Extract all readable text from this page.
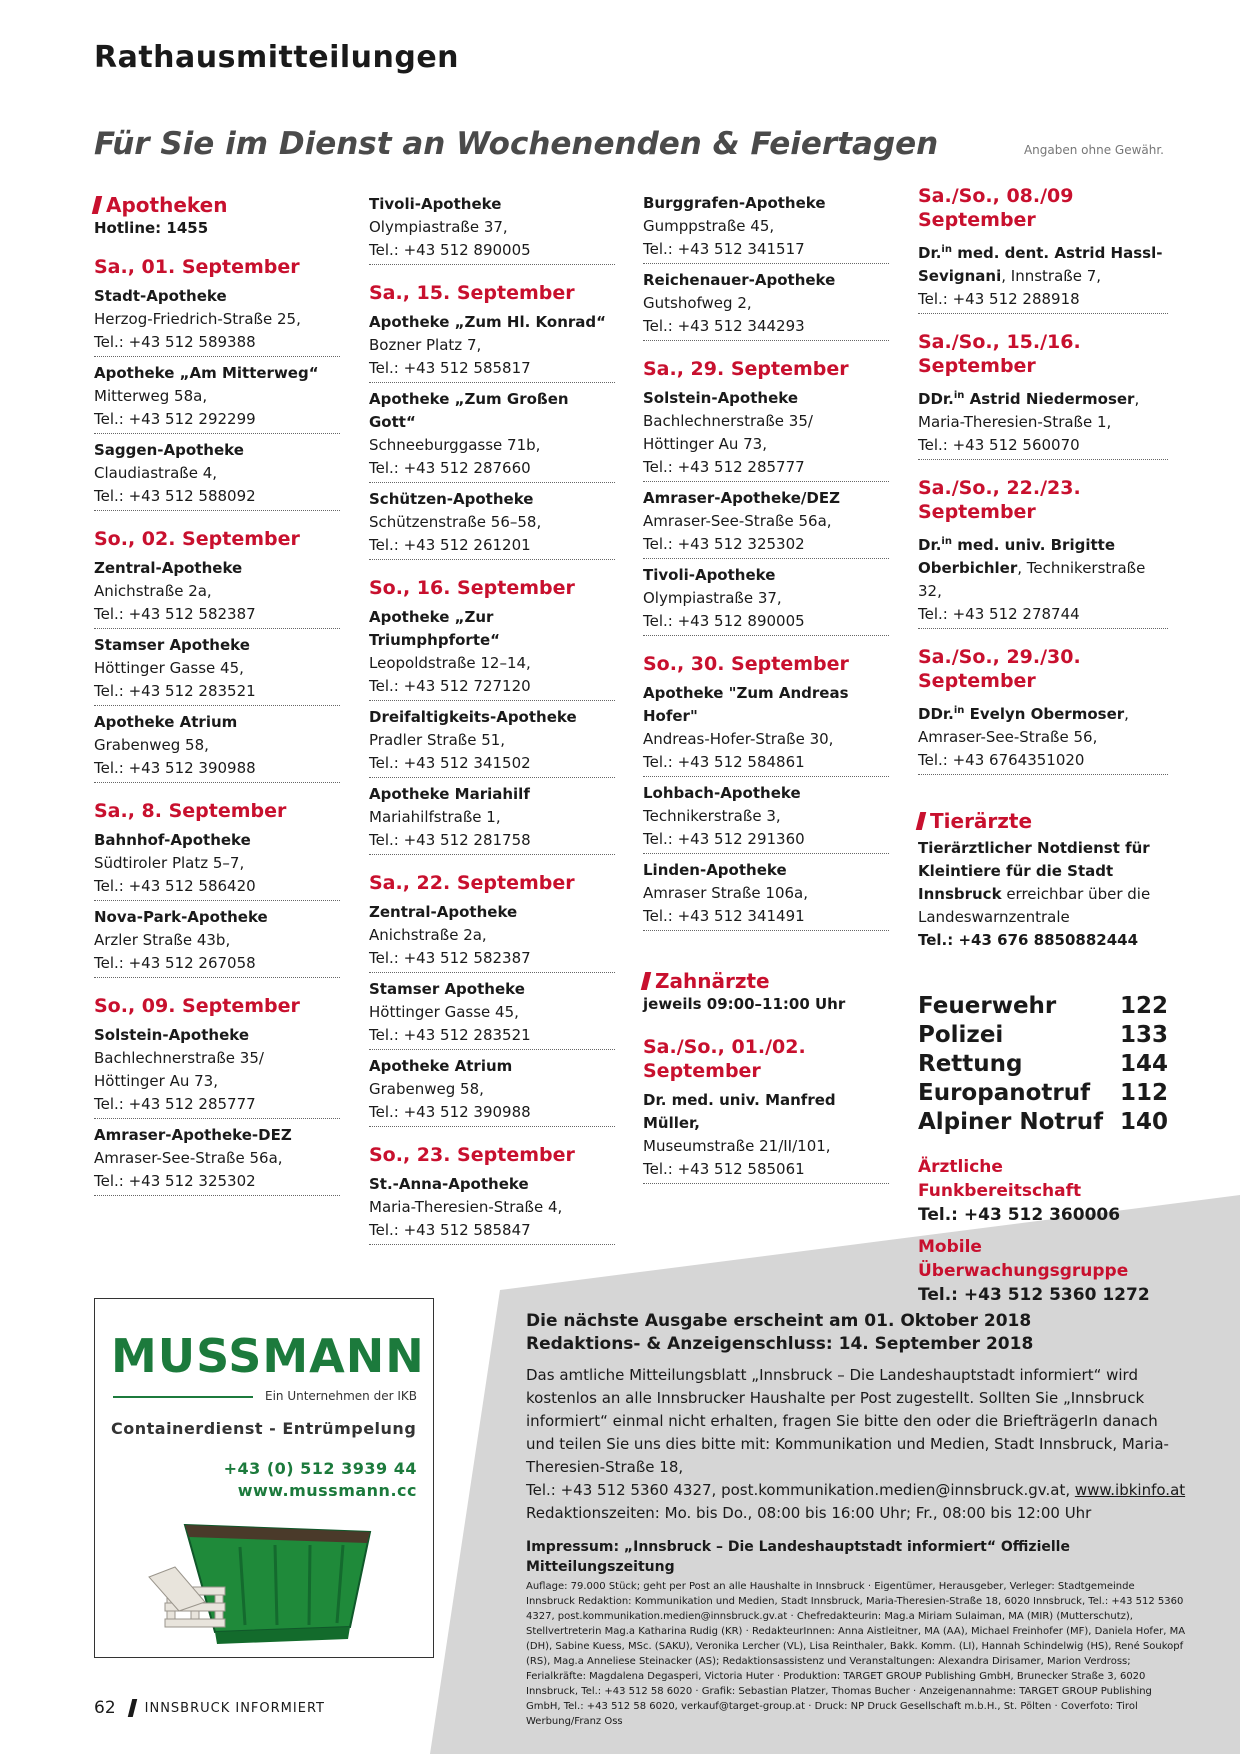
Rathausmitteilungen
Für Sie im Dienst an Wochenenden & Feiertagen	Angaben ohne Gewähr.
Apotheken
Hotline: 1455
Sa., 01. September
Stadt-Apotheke
Herzog-Friedrich-Straße 25,
Tel.: +43 512 589388
Apotheke „Am Mitterweg“
Mitterweg 58a,
Tel.: +43 512 292299
Saggen-Apotheke
Claudiastraße 4,
Tel.: +43 512 588092
So., 02. September
Zentral-Apotheke
Anichstraße 2a,
Tel.: +43 512 582387
Stamser Apotheke
Höttinger Gasse 45,
Tel.: +43 512 283521
Apotheke Atrium
Grabenweg 58,
Tel.: +43 512 390988
Sa., 8. September
Bahnhof-Apotheke
Südtiroler Platz 5–7,
Tel.: +43 512 586420
Nova-Park-Apotheke
Arzler Straße 43b,
Tel.: +43 512 267058
So., 09. September
Solstein-Apotheke
Bachlechnerstraße 35/
Höttinger Au 73,
Tel.: +43 512 285777
Amraser-Apotheke-DEZ
Amraser-See-Straße 56a,
Tel.: +43 512 325302
Tivoli-Apotheke
Olympiastraße 37,
Tel.: +43 512 890005
Sa., 15. September
Apotheke „Zum Hl. Konrad“
Bozner Platz 7,
Tel.: +43 512 585817
Apotheke „Zum Großen Gott“
Schneeburggasse 71b,
Tel.: +43 512 287660
Schützen-Apotheke
Schützenstraße 56–58,
Tel.: +43 512 261201
So., 16. September
Apotheke „Zur Triumphpforte“
Leopoldstraße 12–14,
Tel.: +43 512 727120
Dreifaltigkeits-Apotheke
Pradler Straße 51,
Tel.: +43 512 341502
Apotheke Mariahilf
Mariahilfstraße 1,
Tel.: +43 512 281758
Sa., 22. September
Zentral-Apotheke
Anichstraße 2a,
Tel.: +43 512 582387
Stamser Apotheke
Höttinger Gasse 45,
Tel.: +43 512 283521
Apotheke Atrium
Grabenweg 58,
Tel.: +43 512 390988
So., 23. September
St.-Anna-Apotheke
Maria-Theresien-Straße 4,
Tel.: +43 512 585847
Burggrafen-Apotheke
Gumppstraße 45,
Tel.: +43 512 341517
Reichenauer-Apotheke
Gutshofweg 2,
Tel.: +43 512 344293
Sa., 29. September
Solstein-Apotheke
Bachlechnerstraße 35/
Höttinger Au 73,
Tel.: +43 512 285777
Amraser-Apotheke/DEZ
Amraser-See-Straße 56a,
Tel.: +43 512 325302
Tivoli-Apotheke
Olympiastraße 37,
Tel.: +43 512 890005
So., 30. September
Apotheke "Zum Andreas Hofer"
Andreas-Hofer-Straße 30,
Tel.: +43 512 584861
Lohbach-Apotheke
Technikerstraße 3,
Tel.: +43 512 291360
Linden-Apotheke
Amraser Straße 106a,
Tel.: +43 512 341491
Zahnärzte
jeweils 09:00–11:00 Uhr
Sa./So., 01./02. September
Dr. med. univ. Manfred Müller,
Museumstraße 21/II/101,
Tel.: +43 512 585061
Sa./So., 08./09 September
Dr.$^{in}$ med. dent. Astrid Hassl-Sevignani, Innstraße 7,
Tel.: +43 512 288918
Sa./So., 15./16. September
DDr.$^{in}$ Astrid Niedermoser,
Maria-Theresien-Straße 1,
Tel.: +43 512 560070
Sa./So., 22./23. September
Dr.$^{in}$ med. univ. Brigitte Oberbichler, Technikerstraße 32,
Tel.: +43 512 278744
Sa./So., 29./30. September
DDr.$^{in}$ Evelyn Obermoser,
Amraser-See-Straße 56,
Tel.: +43 6764351020
Tierärzte
Tierärztlicher Notdienst für Kleintiere für die Stadt Innsbruck erreichbar über die Landeswarnzentrale
Tel.: +43 676 8850882444
Feuerwehr	122
Polizei	133
Rettung	144
Europanotruf 112
Alpiner Notruf 140
Ärztliche Funkbereitschaft
Tel.: +43 512 360006
Mobile Überwachungsgruppe
Tel.: +43 512 5360 1272
MUSSMANN
Ein Unternehmen der IKB
Containerdienst - Entrümpelung
+43 (0) 512 3939 44
www.mussmann.cc
Die nächste Ausgabe erscheint am 01. Oktober 2018
Redaktions- & Anzeigenschluss: 14. September 2018
Das amtliche Mitteilungsblatt „Innsbruck – Die Landeshauptstadt informiert“ wird kostenlos an alle Innsbrucker Haushalte per Post zugestellt. Sollten Sie „Innsbruck informiert“ einmal nicht erhalten, fragen Sie bitte den oder die BriefträgerIn danach und teilen Sie uns dies bitte mit: Kommunikation und Medien, Stadt Innsbruck, Maria-Theresien-Straße 18,
Tel.: +43 512 5360 4327, post.kommunikation.medien@innsbruck.gv.at, www.ibkinfo.at
Redaktionszeiten: Mo. bis Do., 08:00 bis 16:00 Uhr; Fr., 08:00 bis 12:00 Uhr
Impressum: „Innsbruck – Die Landeshauptstadt informiert“ Offizielle Mitteilungszeitung
Auflage: 79.000 Stück; geht per Post an alle Haushalte in Innsbruck · Eigentümer, Herausgeber, Verleger: Stadtgemeinde Innsbruck Redaktion: Kommunikation und Medien, Stadt Innsbruck, Maria-Theresien-Straße 18, 6020 Innsbruck, Tel.: +43 512 5360 4327, post.kommunikation.medien@innsbruck.gv.at · Chefredakteurin: Mag.a Miriam Sulaiman, MA (MIR) (Mutterschutz), Stellvertreterin Mag.a Katharina Rudig (KR) · RedakteurInnen: Anna Aistleitner, MA (AA), Michael Freinhofer (MF), Daniela Hofer, MA (DH), Sabine Kuess, MSc. (SAKU), Veronika Lercher (VL), Lisa Reinthaler, Bakk. Komm. (LI), Hannah Schindelwig (HS), René Soukopf (RS), Mag.a Anneliese Steinacker (AS); Redaktionsassistenz und Veranstaltungen: Alexandra Dirisamer, Marion Verdross; Ferialkräfte: Magdalena Degasperi, Victoria Huter · Produktion: TARGET GROUP Publishing GmbH, Brunecker Straße 3, 6020 Innsbruck, Tel.: +43 512 58 6020 · Grafik: Sebastian Platzer, Thomas Bucher · Anzeigenannahme: TARGET GROUP Publishing GmbH, Tel.: +43 512 58 6020, verkauf@target-group.at · Druck: NP Druck Gesellschaft m.b.H., St. Pölten · Coverfoto: Tirol Werbung/Franz Oss
62 INNSBRUCK INFORMIERT
